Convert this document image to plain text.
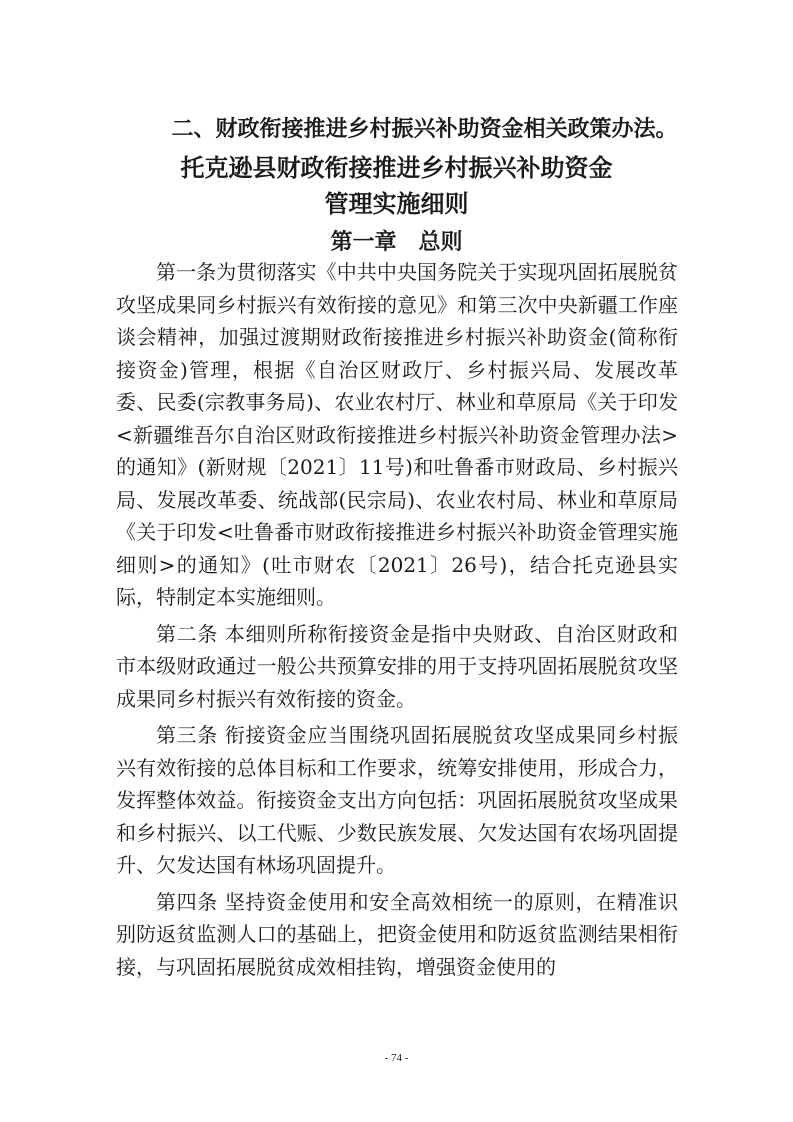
二、财政衔接推进乡村振兴补助资金相关政策办法。
托克逊县财政衔接推进乡村振兴补助资金
管理实施细则
第一章 总则

第一条为贯彻落实《中共中央国务院关于实现巩固拓展脱贫攻坚成果同乡村振兴有效衔接的意见》和第三次中央新疆工作座谈会精神，加强过渡期财政衔接推进乡村振兴补助资金(简称衔接资金)管理，根据《自治区财政厅、乡村振兴局、发展改革委、民委(宗教事务局)、农业农村厅、林业和草原局《关于印发<新疆维吾尔自治区财政衔接推进乡村振兴补助资金管理办法>的通知》(新财规〔2021〕11号)和吐鲁番市财政局、乡村振兴局、发展改革委、统战部(民宗局)、农业农村局、林业和草原局《关于印发<吐鲁番市财政衔接推进乡村振兴补助资金管理实施细则>的通知》(吐市财农〔2021〕26号)，结合托克逊县实际，特制定本实施细则。

第二条 本细则所称衔接资金是指中央财政、自治区财政和市本级财政通过一般公共预算安排的用于支持巩固拓展脱贫攻坚成果同乡村振兴有效衔接的资金。

第三条 衔接资金应当围绕巩固拓展脱贫攻坚成果同乡村振兴有效衔接的总体目标和工作要求，统筹安排使用，形成合力，发挥整体效益。衔接资金支出方向包括：巩固拓展脱贫攻坚成果和乡村振兴、以工代赈、少数民族发展、欠发达国有农场巩固提升、欠发达国有林场巩固提升。

第四条 坚持资金使用和安全高效相统一的原则，在精准识别防返贫监测人口的基础上，把资金使用和防返贫监测结果相衔接，与巩固拓展脱贫成效相挂钩，增强资金使用的

- 74 -
